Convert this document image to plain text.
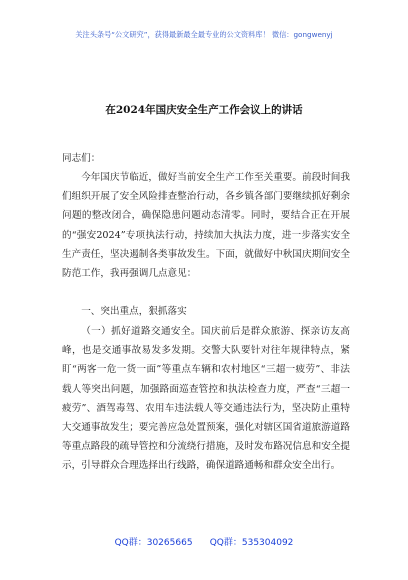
关注头条号“公文研究”，获得最新最全最专业的公文资料库！ 微信：gongwenyj
在2024年国庆安全生产工作会议上的讲话
同志们：
今年国庆节临近，做好当前安全生产工作至关重要。前段时间我们组织开展了安全风险排查整治行动，各乡镇各部门要继续抓好剩余问题的整改闭合，确保隐患问题动态清零。同时，要结合正在开展的“强安2024”专项执法行动，持续加大执法力度，进一步落实安全生产责任，坚决遏制各类事故发生。下面，就做好中秋国庆期间安全防范工作，我再强调几点意见：
一、突出重点，狠抓落实
（一）抓好道路交通安全。国庆前后是群众旅游、探亲访友高峰，也是交通事故易发多发期。交警大队要针对往年规律特点，紧盯“两客一危一货一面”等重点车辆和农村地区“三超一疲劳”、非法载人等突出问题，加强路面巡查管控和执法检查力度，严查“三超一疲劳”、酒驾毒驾、农用车违法载人等交通违法行为，坚决防止重特大交通事故发生；要完善应急处置预案，强化对辖区国省道旅游道路等重点路段的疏导管控和分流绕行措施，及时发布路况信息和安全提示，引导群众合理选择出行线路，确保道路通畅和群众安全出行。
QQ群：30265665      QQ群：535304092
